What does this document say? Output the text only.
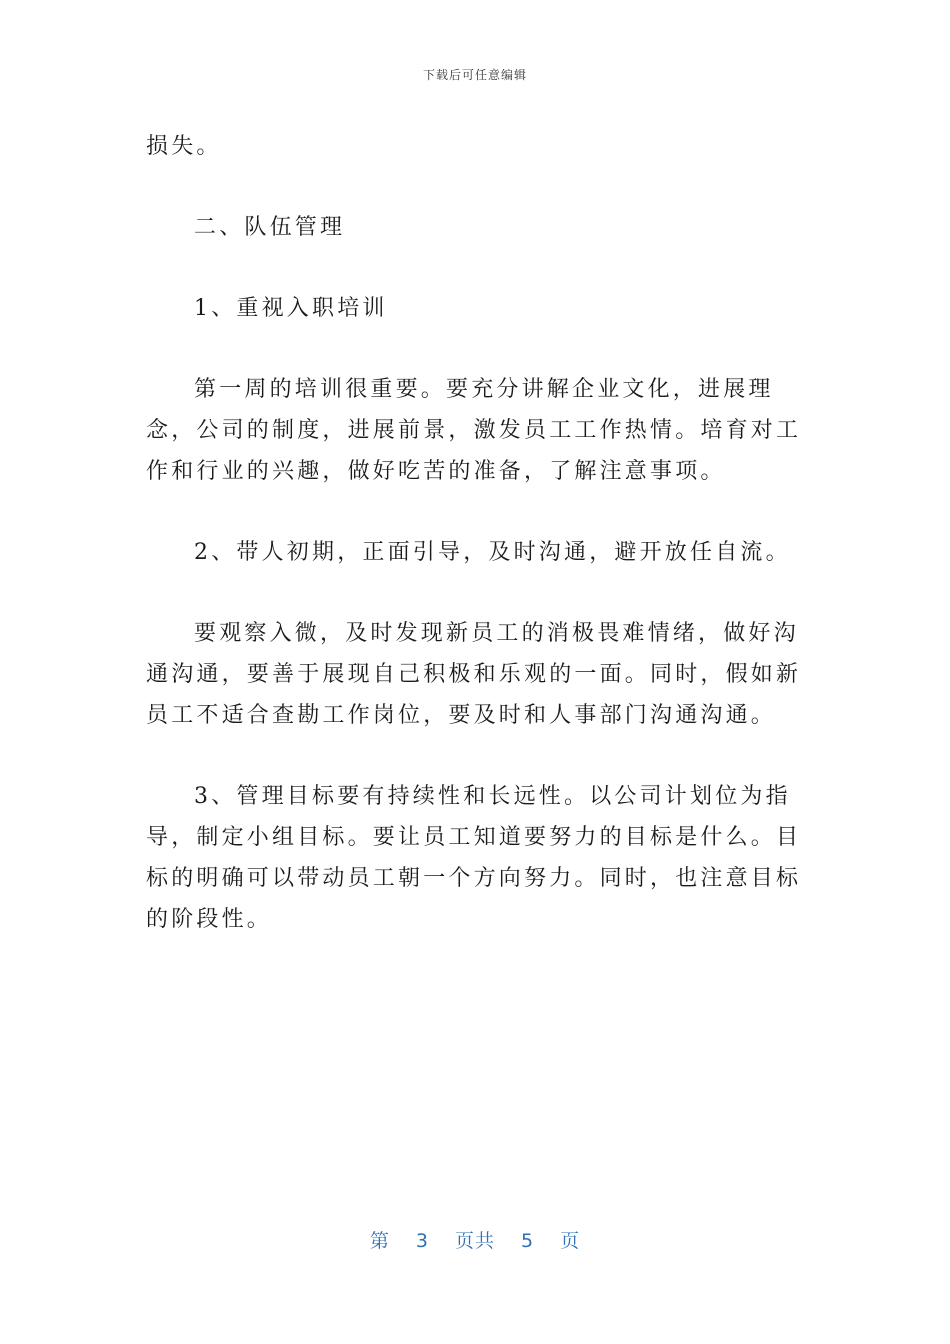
下载后可任意编辑

损失。

二、队伍管理

1、重视入职培训

第一周的培训很重要。要充分讲解企业文化，进展理念，公司的制度，进展前景，激发员工工作热情。培育对工作和行业的兴趣，做好吃苦的准备，了解注意事项。

2、带人初期，正面引导，及时沟通，避开放任自流。

要观察入微，及时发现新员工的消极畏难情绪，做好沟通沟通，要善于展现自己积极和乐观的一面。同时，假如新员工不适合查勘工作岗位，要及时和人事部门沟通沟通。

3、管理目标要有持续性和长远性。以公司计划位为指导，制定小组目标。要让员工知道要努力的目标是什么。目标的明确可以带动员工朝一个方向努力。同时，也注意目标的阶段性。

第 3 页共 5 页
